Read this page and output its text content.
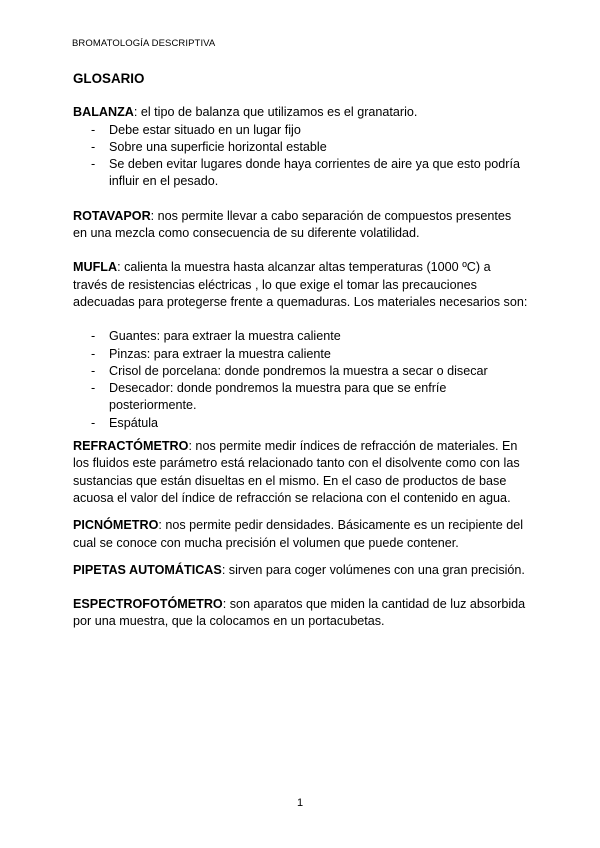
BROMATOLOGÍA DESCRIPTIVA
GLOSARIO

BALANZA: el tipo de balanza que utilizamos es el granatario.

- Debe estar situado en un lugar fijo
- Sobre una superficie horizontal estable
- Se deben evitar lugares donde haya corrientes de aire ya que esto podría influir en el pesado.

ROTAVAPOR: nos permite llevar a cabo separación de compuestos presentes en una mezcla como consecuencia de su diferente volatilidad.

MUFLA: calienta la muestra hasta alcanzar altas temperaturas (1000 ºC) a través de resistencias eléctricas , lo que exige el tomar las precauciones adecuadas para protegerse frente a quemaduras. Los materiales necesarios son:

- Guantes: para extraer la muestra caliente
- Pinzas: para extraer la muestra caliente
- Crisol de porcelana: donde pondremos la muestra a secar o disecar
- Desecador: donde pondremos la muestra para que se enfríe posteriormente.
- Espátula

REFRACTÓMETRO: nos permite medir índices de refracción de materiales. En los fluidos este parámetro está relacionado tanto con el disolvente como con las sustancias que están disueltas en el mismo. En el caso de productos de base acuosa el valor del índice de refracción se relaciona con el contenido en agua.

PICNÓMETRO: nos permite pedir densidades. Básicamente es un recipiente del cual se conoce con mucha precisión el volumen que puede contener.

PIPETAS AUTOMÁTICAS: sirven para coger volúmenes con una gran precisión.

ESPECTROFOTÓMETRO: son aparatos que miden la cantidad de luz absorbida por una muestra, que la colocamos en un portacubetas.

1
